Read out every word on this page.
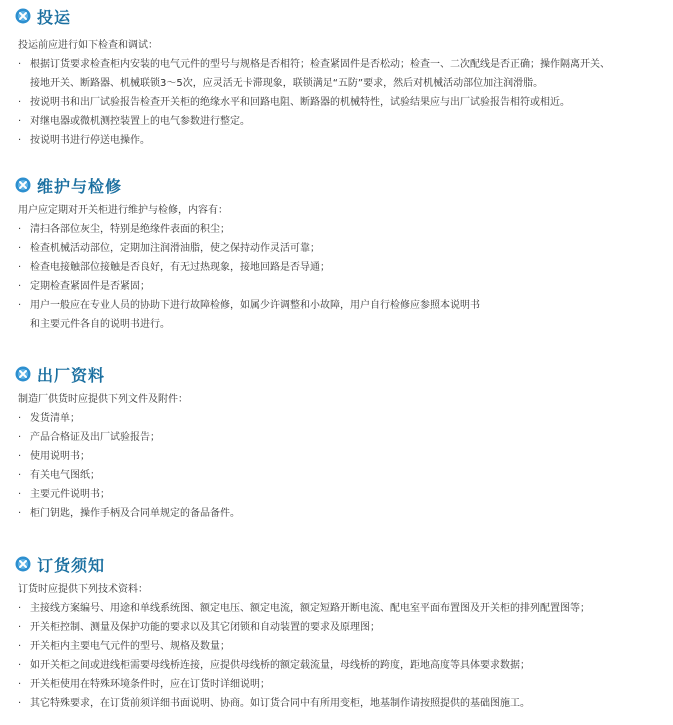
投运
投运前应进行如下检查和调试：
· 根据订货要求检查柜内安装的电气元件的型号与规格是否相符；检查紧固件是否松动；检查一、二次配线是否正确；操作隔离开关、
接地开关、断路器、机械联锁3～5次，应灵活无卡滞现象，联锁满足“五防”要求，然后对机械活动部位加注润滑脂。
· 按说明书和出厂试验报告检查开关柜的绝缘水平和回路电阻、断路器的机械特性，试验结果应与出厂试验报告相符或相近。
· 对继电器或微机测控装置上的电气参数进行整定。
· 按说明书进行停送电操作。
维护与检修
用户应定期对开关柜进行维护与检修，内容有：
· 清扫各部位灰尘，特别是绝缘件表面的积尘；
· 检查机械活动部位，定期加注润滑油脂，使之保持动作灵活可靠；
· 检查电接触部位接触是否良好，有无过热现象，接地回路是否导通；
· 定期检查紧固件是否紧固；
· 用户一般应在专业人员的协助下进行故障检修，如属少许调整和小故障，用户自行检修应参照本说明书
和主要元件各自的说明书进行。
出厂资料
制造厂供货时应提供下列文件及附件：
· 发货清单；
· 产品合格证及出厂试验报告；
· 使用说明书；
· 有关电气图纸；
· 主要元件说明书；
· 柜门钥匙，操作手柄及合同单规定的备品备件。
订货须知
订货时应提供下列技术资料：
· 主接线方案编号、用途和单线系统图、额定电压、额定电流，额定短路开断电流、配电室平面布置图及开关柜的排列配置图等；
· 开关柜控制、测量及保护功能的要求以及其它闭锁和自动装置的要求及原理图；
· 开关柜内主要电气元件的型号、规格及数量；
· 如开关柜之间或进线柜需要母线桥连接，应提供母线桥的额定载流量，母线桥的跨度，距地高度等具体要求数据；
· 开关柜使用在特殊环境条件时，应在订货时详细说明；
· 其它特殊要求，在订货前须详细书面说明、协商。如订货合同中有所用变柜，地基制作请按照提供的基础图施工。
